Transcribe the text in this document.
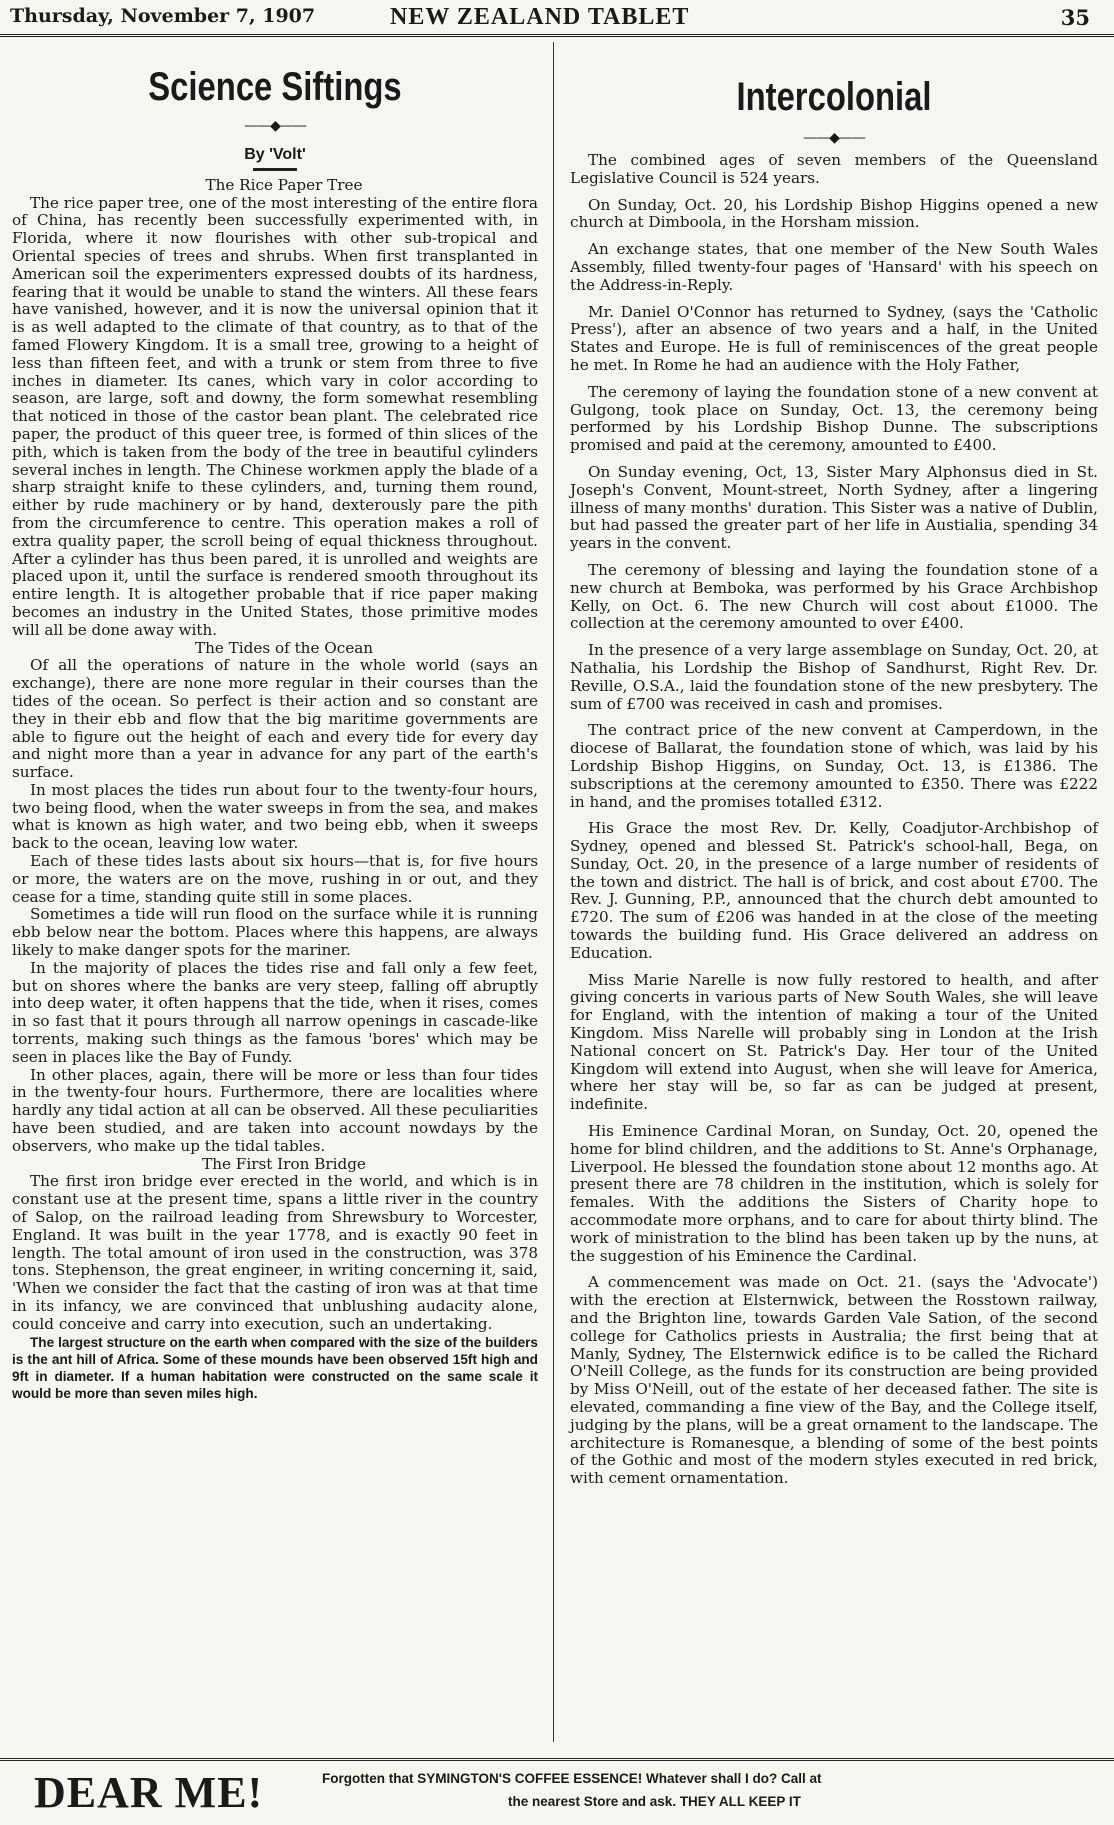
Thursday, November 7, 1907	NEW ZEALAND TABLET	35
Science Siftings
——◆——
By 'Volt'

The Rice Paper Tree

The rice paper tree, one of the most interesting of the entire flora of China, has recently been successfully experimented with, in Florida, where it now flourishes with other sub-tropical and Oriental species of trees and shrubs. When first transplanted in American soil the experimenters expressed doubts of its hardness, fearing that it would be unable to stand the winters. All these fears have vanished, however, and it is now the universal opinion that it is as well adapted to the climate of that country, as to that of the famed Flowery Kingdom. It is a small tree, growing to a height of less than fifteen feet, and with a trunk or stem from three to five inches in diameter. Its canes, which vary in color according to season, are large, soft and downy, the form somewhat resembling that noticed in those of the castor bean plant. The celebrated rice paper, the product of this queer tree, is formed of thin slices of the pith, which is taken from the body of the tree in beautiful cylinders several inches in length. The Chinese workmen apply the blade of a sharp straight knife to these cylinders, and, turning them round, either by rude machinery or by hand, dexterously pare the pith from the circumference to centre. This operation makes a roll of extra quality paper, the scroll being of equal thickness throughout. After a cylinder has thus been pared, it is unrolled and weights are placed upon it, until the surface is rendered smooth throughout its entire length. It is altogether probable that if rice paper making becomes an industry in the United States, those primitive modes will all be done away with.

The Tides of the Ocean

Of all the operations of nature in the whole world (says an exchange), there are none more regular in their courses than the tides of the ocean. So perfect is their action and so constant are they in their ebb and flow that the big maritime governments are able to figure out the height of each and every tide for every day and night more than a year in advance for any part of the earth's surface.

In most places the tides run about four to the twenty-four hours, two being flood, when the water sweeps in from the sea, and makes what is known as high water, and two being ebb, when it sweeps back to the ocean, leaving low water.

Each of these tides lasts about six hours—that is, for five hours or more, the waters are on the move, rushing in or out, and they cease for a time, standing quite still in some places.

Sometimes a tide will run flood on the surface while it is running ebb below near the bottom. Places where this happens, are always likely to make danger spots for the mariner.

In the majority of places the tides rise and fall only a few feet, but on shores where the banks are very steep, falling off abruptly into deep water, it often happens that the tide, when it rises, comes in so fast that it pours through all narrow openings in cascade-like torrents, making such things as the famous 'bores' which may be seen in places like the Bay of Fundy.

In other places, again, there will be more or less than four tides in the twenty-four hours. Furthermore, there are localities where hardly any tidal action at all can be observed. All these peculiarities have been studied, and are taken into account nowdays by the observers, who make up the tidal tables.

The First Iron Bridge

The first iron bridge ever erected in the world, and which is in constant use at the present time, spans a little river in the country of Salop, on the railroad leading from Shrewsbury to Worcester, England. It was built in the year 1778, and is exactly 90 feet in length. The total amount of iron used in the construction, was 378 tons. Stephenson, the great engineer, in writing concerning it, said, 'When we consider the fact that the casting of iron was at that time in its infancy, we are convinced that unblushing audacity alone, could conceive and carry into execution, such an undertaking.

The largest structure on the earth when compared with the size of the builders is the ant hill of Africa. Some of these mounds have been observed 15ft high and 9ft in diameter. If a human habitation were constructed on the same scale it would be more than seven miles high.

Intercolonial
——◆——

The combined ages of seven members of the Queensland Legislative Council is 524 years.

On Sunday, Oct. 20, his Lordship Bishop Higgins opened a new church at Dimboola, in the Horsham mission.

An exchange states, that one member of the New South Wales Assembly, filled twenty-four pages of 'Hansard' with his speech on the Address-in-Reply.

Mr. Daniel O'Connor has returned to Sydney, (says the 'Catholic Press'), after an absence of two years and a half, in the United States and Europe. He is full of reminiscences of the great people he met. In Rome he had an audience with the Holy Father,

The ceremony of laying the foundation stone of a new convent at Gulgong, took place on Sunday, Oct. 13, the ceremony being performed by his Lordship Bishop Dunne. The subscriptions promised and paid at the ceremony, amounted to £400.

On Sunday evening, Oct, 13, Sister Mary Alphonsus died in St. Joseph's Convent, Mount-street, North Sydney, after a lingering illness of many months' duration. This Sister was a native of Dublin, but had passed the greater part of her life in Austialia, spending 34 years in the convent.

The ceremony of blessing and laying the foundation stone of a new church at Bemboka, was performed by his Grace Archbishop Kelly, on Oct. 6. The new Church will cost about £1000. The collection at the ceremony amounted to over £400.

In the presence of a very large assemblage on Sunday, Oct. 20, at Nathalia, his Lordship the Bishop of Sandhurst, Right Rev. Dr. Reville, O.S.A., laid the foundation stone of the new presbytery. The sum of £700 was received in cash and promises.

The contract price of the new convent at Camperdown, in the diocese of Ballarat, the foundation stone of which, was laid by his Lordship Bishop Higgins, on Sunday, Oct. 13, is £1386. The subscriptions at the ceremony amounted to £350. There was £222 in hand, and the promises totalled £312.

His Grace the most Rev. Dr. Kelly, Coadjutor-Archbishop of Sydney, opened and blessed St. Patrick's school-hall, Bega, on Sunday, Oct. 20, in the presence of a large number of residents of the town and district. The hall is of brick, and cost about £700. The Rev. J. Gunning, P.P., announced that the church debt amounted to £720. The sum of £206 was handed in at the close of the meeting towards the building fund. His Grace delivered an address on Education.

Miss Marie Narelle is now fully restored to health, and after giving concerts in various parts of New South Wales, she will leave for England, with the intention of making a tour of the United Kingdom. Miss Narelle will probably sing in London at the Irish National concert on St. Patrick's Day. Her tour of the United Kingdom will extend into August, when she will leave for America, where her stay will be, so far as can be judged at present, indefinite.

His Eminence Cardinal Moran, on Sunday, Oct. 20, opened the home for blind children, and the additions to St. Anne's Orphanage, Liverpool. He blessed the foundation stone about 12 months ago. At present there are 78 children in the institution, which is solely for females. With the additions the Sisters of Charity hope to accommodate more orphans, and to care for about thirty blind. The work of ministration to the blind has been taken up by the nuns, at the suggestion of his Eminence the Cardinal.

A commencement was made on Oct. 21. (says the 'Advocate') with the erection at Elsternwick, between the Rosstown railway, and the Brighton line, towards Garden Vale Sation, of the second college for Catholics priests in Australia; the first being that at Manly, Sydney, The Elsternwick edifice is to be called the Richard O'Neill College, as the funds for its construction are being provided by Miss O'Neill, out of the estate of her deceased father. The site is elevated, commanding a fine view of the Bay, and the College itself, judging by the plans, will be a great ornament to the landscape. The architecture is Romanesque, a blending of some of the best points of the Gothic and most of the modern styles executed in red brick, with cement ornamentation.

DEAR ME!	Forgotten that SYMINGTON'S COFFEE ESSENCE! Whatever shall I do? Call at
the nearest Store and ask. THEY ALL KEEP IT
